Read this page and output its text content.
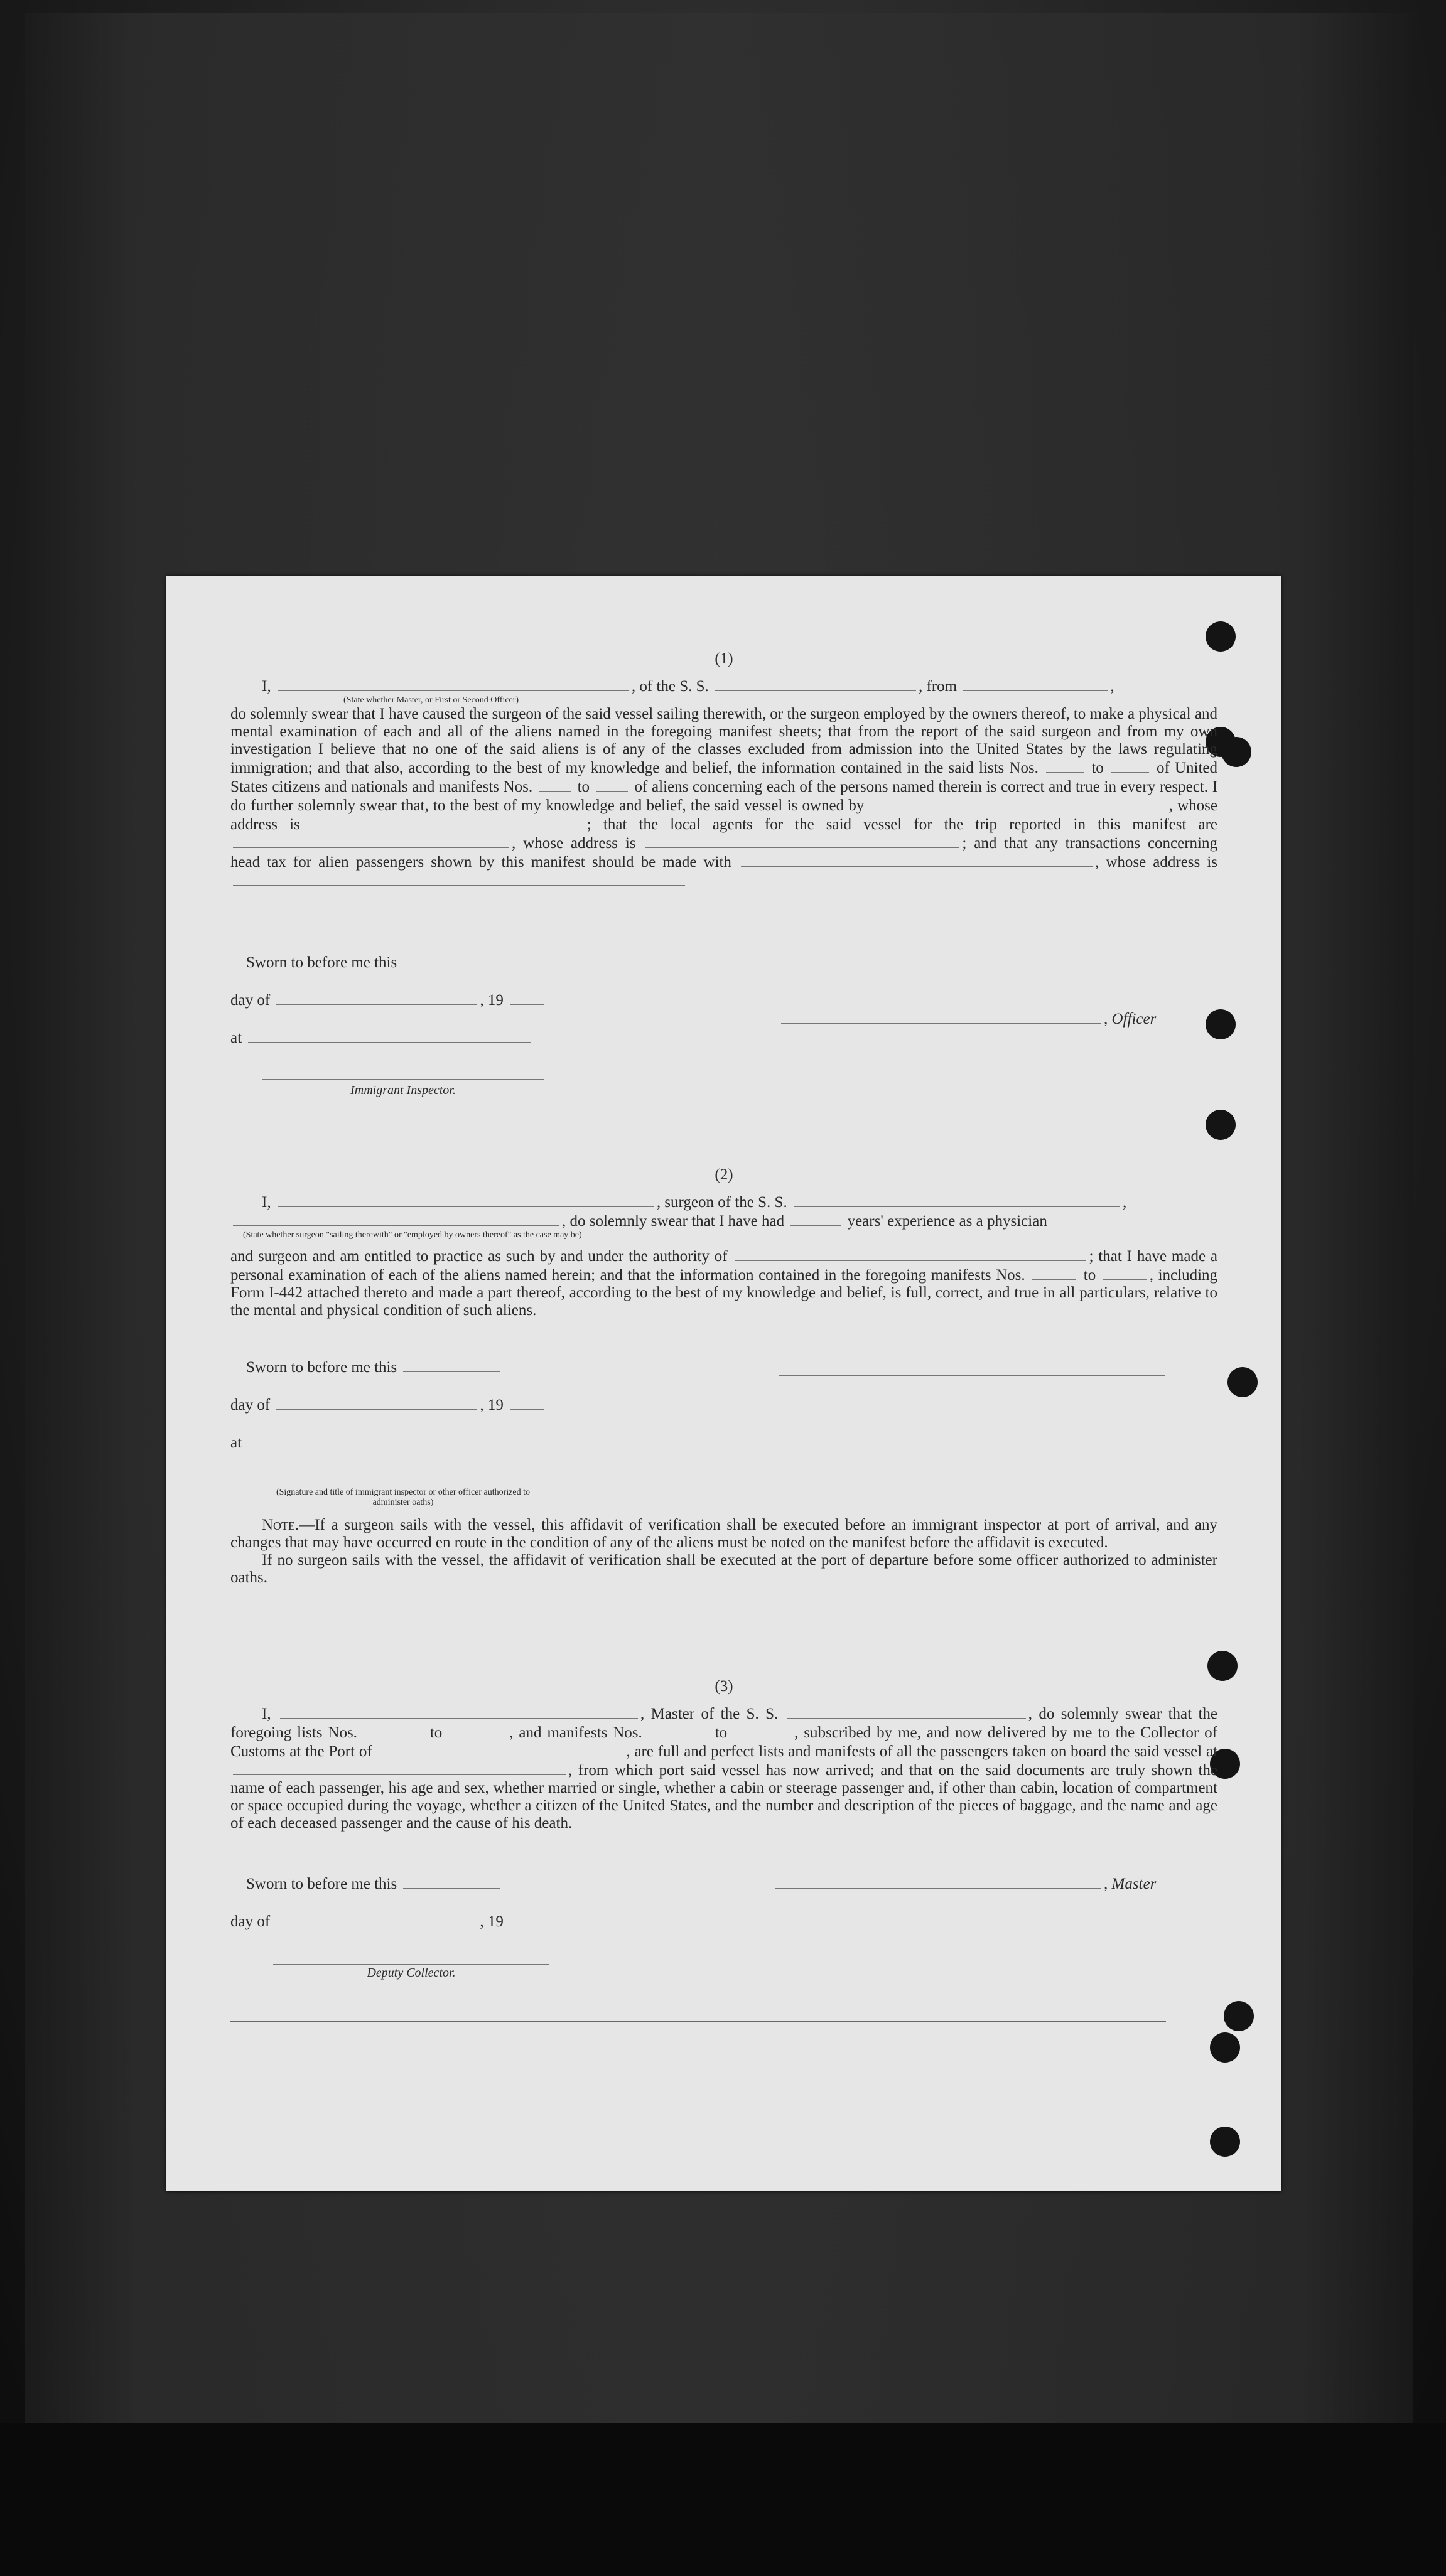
(1)
I,	, of the S. S.	, from	,
(State whether Master, or First or Second Officer)
do solemnly swear that I have caused the surgeon of the said vessel sailing therewith, or the surgeon employed by the owners thereof, to make a physical and mental examination of each and all of the aliens named in the foregoing manifest sheets; that from the report of the said surgeon and from my own investigation I believe that no one of the said aliens is of any of the classes excluded from admission into the United States by the laws regulating immigration; and that also, according to the best of my knowledge and belief, the information contained in the said lists Nos.	to	of United States citizens and nationals and manifests Nos.	to	of aliens concerning each of the persons named therein is correct and true in every respect. I do further solemnly swear that, to the best of my knowledge and belief, the said vessel is owned by	, whose address is	; that the local agents for the said vessel for the trip reported in this manifest are , whose address is	; and that any transactions concerning head tax for alien passengers shown by this manifest should be made with	, whose address is
Sworn to before me this
day of	, 19
at
Immigrant Inspector.
, Officer
(2)
I,	, surgeon of the S. S.	,
, do solemnly swear that I have had	years' experience as a physician
(State whether surgeon "sailing therewith" or "employed by owners thereof" as the case may be)
and surgeon and am entitled to practice as such by and under the authority of	; that I have made a personal examination of each of the aliens named herein; and that the information contained in the foregoing manifests Nos.	to	, including Form I-442 attached thereto and made a part thereof, according to the best of my knowledge and belief, is full, correct, and true in all particulars, relative to the mental and physical condition of such aliens.
Sworn to before me this
day of	, 19
at
(Signature and title of immigrant inspector or other officer authorized to administer oaths)
Note.—If a surgeon sails with the vessel, this affidavit of verification shall be executed before an immigrant inspector at port of arrival, and any changes that may have occurred en route in the condition of any of the aliens must be noted on the manifest before the affidavit is executed.
If no surgeon sails with the vessel, the affidavit of verification shall be executed at the port of departure before some officer authorized to administer oaths.
(3)
I,	, Master of the S. S.	, do solemnly swear that the foregoing lists Nos.	to	, and manifests Nos.	to	, subscribed by me, and now delivered by me to the Collector of Customs at the Port of	, are full and perfect lists and manifests of all the passengers taken on board the said vessel at , from which port said vessel has now arrived; and that on the said documents are truly shown the name of each passenger, his age and sex, whether married or single, whether a cabin or steerage passenger and, if other than cabin, location of compartment or space occupied during the voyage, whether a citizen of the United States, and the number and description of the pieces of baggage, and the name and age of each deceased passenger and the cause of his death.
Sworn to before me this	, Master
day of	, 19
Deputy Collector.
